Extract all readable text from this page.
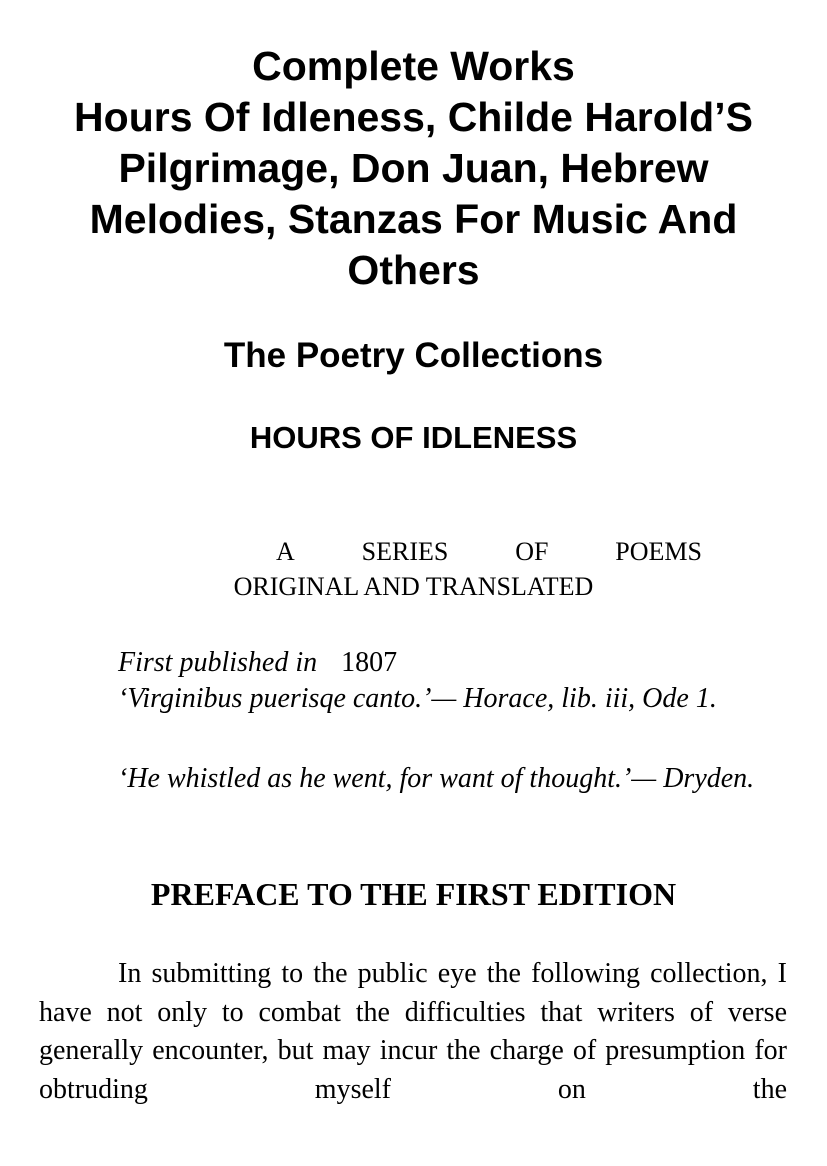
Complete Works
Hours Of Idleness, Childe Harold’S
Pilgrimage, Don Juan, Hebrew
Melodies, Stanzas For Music And
Others
The Poetry Collections
HOURS OF IDLENESS
A	SERIES	OF	POEMS
ORIGINAL AND TRANSLATED
First published in 1807

‘Virginibus puerisqe canto.’— Horace, lib. iii, Ode 1.

‘He whistled as he went, for want of thought.’— Dryden.

PREFACE TO THE FIRST EDITION

In submitting to the public eye the following collection, I have not only to combat the difficulties that writers of verse generally encounter, but may incur the charge of presumption for obtruding myself on the
